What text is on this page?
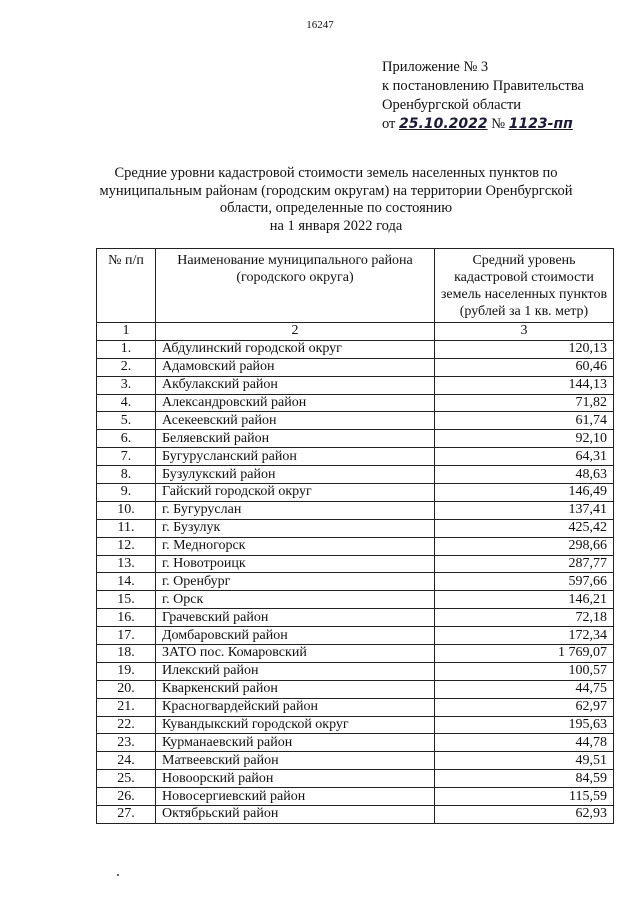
16247
Приложение № 3
к постановлению Правительства
Оренбургской области
от 25.10.2022 № 1123-пп
Средние уровни кадастровой стоимости земель населенных пунктов по
муниципальным районам (городским округам) на территории Оренбургской
области, определенные по состоянию
на 1 января 2022 года
№ п/п	Наименование муниципального района (городского округа)	Средний уровень кадастровой стоимости земель населенных пунктов (рублей за 1 кв. метр)
1	2	3
1.	Абдулинский городской округ	120,13
2.	Адамовский район	60,46
3.	Акбулакский район	144,13
4.	Александровский район	71,82
5.	Асекеевский район	61,74
6.	Беляевский район	92,10
7.	Бугурусланский район	64,31
8.	Бузулукский район	48,63
9.	Гайский городской округ	146,49
10.	г. Бугуруслан	137,41
11.	г. Бузулук	425,42
12.	г. Медногорск	298,66
13.	г. Новотроицк	287,77
14.	г. Оренбург	597,66
15.	г. Орск	146,21
16.	Грачевский район	72,18
17.	Домбаровский район	172,34
18.	ЗАТО пос. Комаровский	1 769,07
19.	Илекский район	100,57
20.	Кваркенский район	44,75
21.	Красногвардейский район	62,97
22.	Кувандыкский городской округ	195,63
23.	Курманаевский район	44,78
24.	Матвеевский район	49,51
25.	Новоорский район	84,59
26.	Новосергиевский район	115,59
27.	Октябрьский район	62,93
